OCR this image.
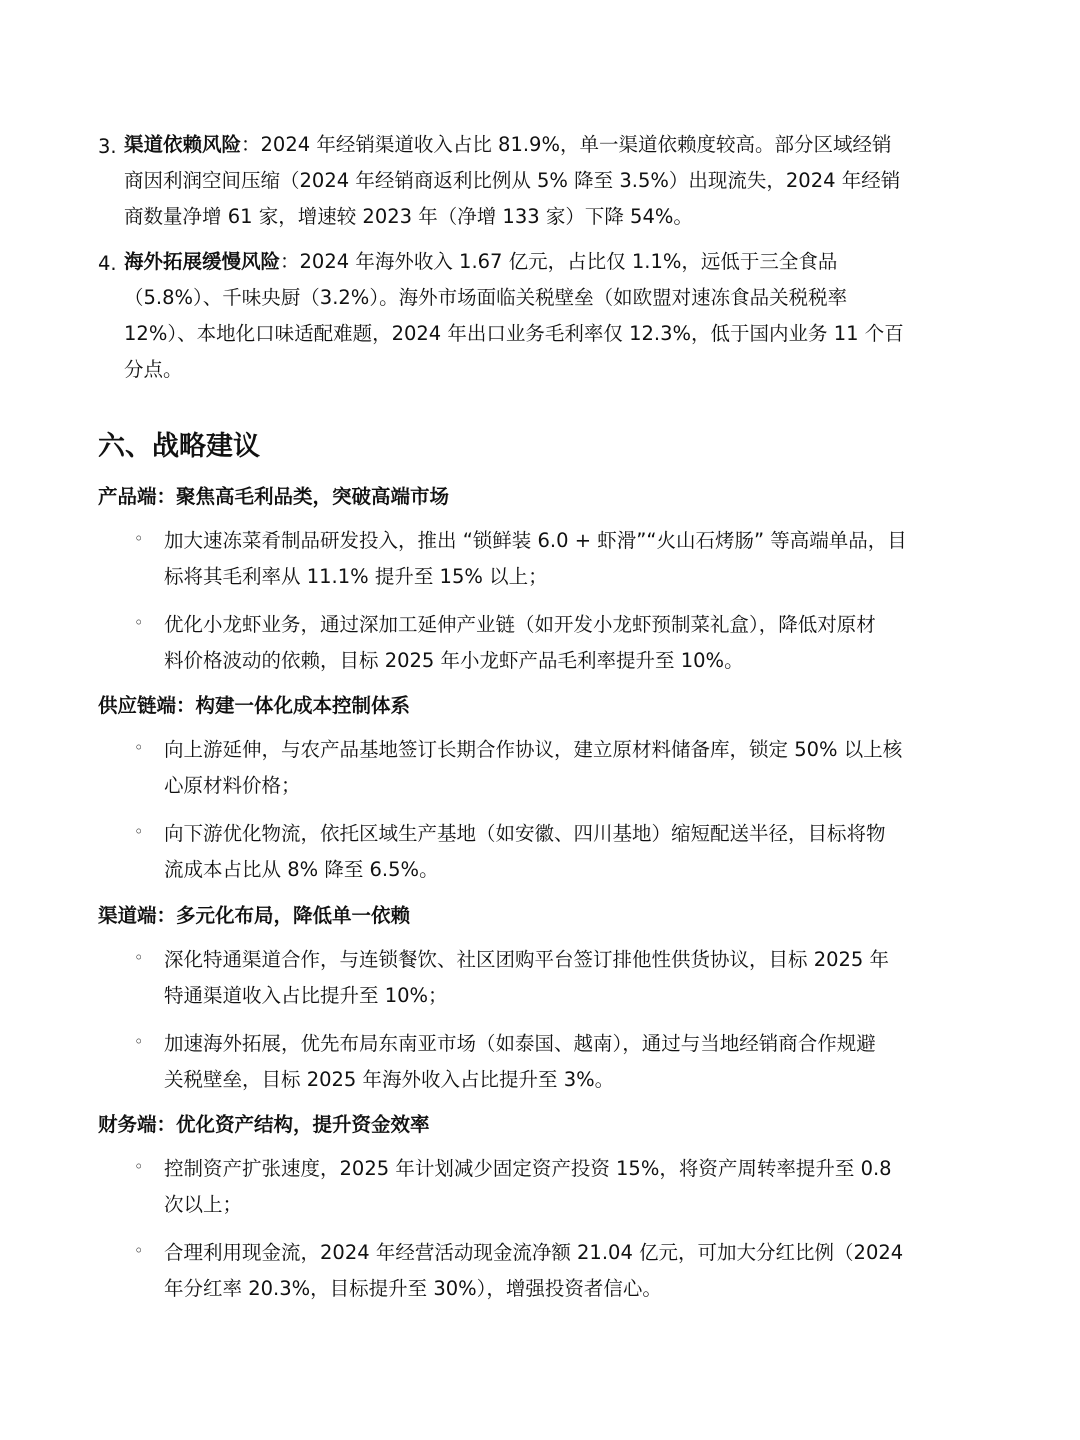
3. 渠道依赖风险：2024 年经销渠道收入占比 81.9%，单一渠道依赖度较高。部分区域经销
商因利润空间压缩（2024 年经销商返利比例从 5% 降至 3.5%）出现流失，2024 年经销
商数量净增 61 家，增速较 2023 年（净增 133 家）下降 54%。
4. 海外拓展缓慢风险：2024 年海外收入 1.67 亿元，占比仅 1.1%，远低于三全食品
（5.8%）、千味央厨（3.2%）。海外市场面临关税壁垒（如欧盟对速冻食品关税税率
12%）、本地化口味适配难题，2024 年出口业务毛利率仅 12.3%，低于国内业务 11 个百
分点。
六、战略建议
产品端：聚焦高毛利品类，突破高端市场
◦ 加大速冻菜肴制品研发投入，推出 “锁鲜装 6.0 + 虾滑”“火山石烤肠” 等高端单品，目
标将其毛利率从 11.1% 提升至 15% 以上；
◦ 优化小龙虾业务，通过深加工延伸产业链（如开发小龙虾预制菜礼盒），降低对原材
料价格波动的依赖，目标 2025 年小龙虾产品毛利率提升至 10%。
供应链端：构建一体化成本控制体系
◦ 向上游延伸，与农产品基地签订长期合作协议，建立原材料储备库，锁定 50% 以上核
心原材料价格；
◦ 向下游优化物流，依托区域生产基地（如安徽、四川基地）缩短配送半径，目标将物
流成本占比从 8% 降至 6.5%。
渠道端：多元化布局，降低单一依赖
◦ 深化特通渠道合作，与连锁餐饮、社区团购平台签订排他性供货协议，目标 2025 年
特通渠道收入占比提升至 10%；
◦ 加速海外拓展，优先布局东南亚市场（如泰国、越南），通过与当地经销商合作规避
关税壁垒，目标 2025 年海外收入占比提升至 3%。
财务端：优化资产结构，提升资金效率
◦ 控制资产扩张速度，2025 年计划减少固定资产投资 15%，将资产周转率提升至 0.8
次以上；
◦ 合理利用现金流，2024 年经营活动现金流净额 21.04 亿元，可加大分红比例（2024
年分红率 20.3%，目标提升至 30%），增强投资者信心。
